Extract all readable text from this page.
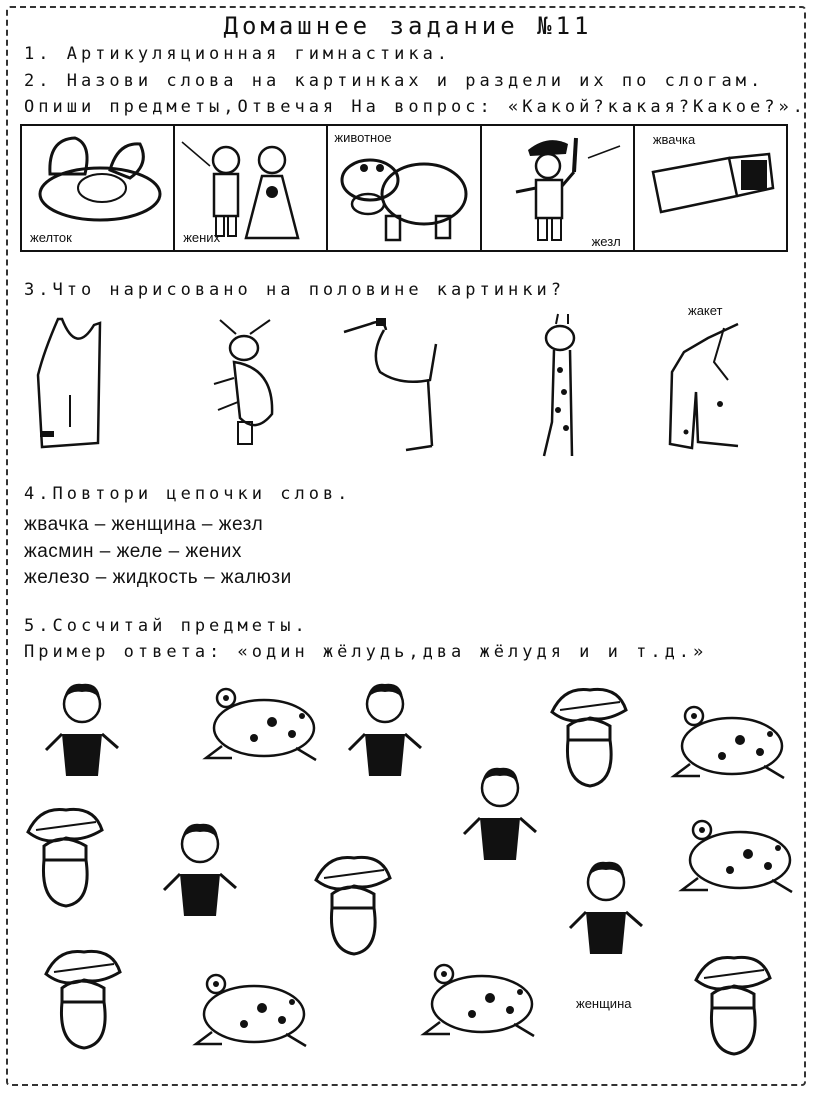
Домашнее задание №11
1. Артикуляционная гимнастика.
2. Назови слова на картинках и раздели их по слогам.
Опиши предметы,Отвечая На вопрос: «Какой?какая?Какое?».
желток	жених
животное
жезл
жвачка
3.Что нарисовано на половине картинки?
жакет
4.Повтори цепочки слов.
жвачка – женщина – жезл
жасмин – желе – жених
железо – жидкость – жалюзи
5.Сосчитай предметы.
Пример ответа: «один жёлудь,два жёлудя и и т.д.»
женщина
